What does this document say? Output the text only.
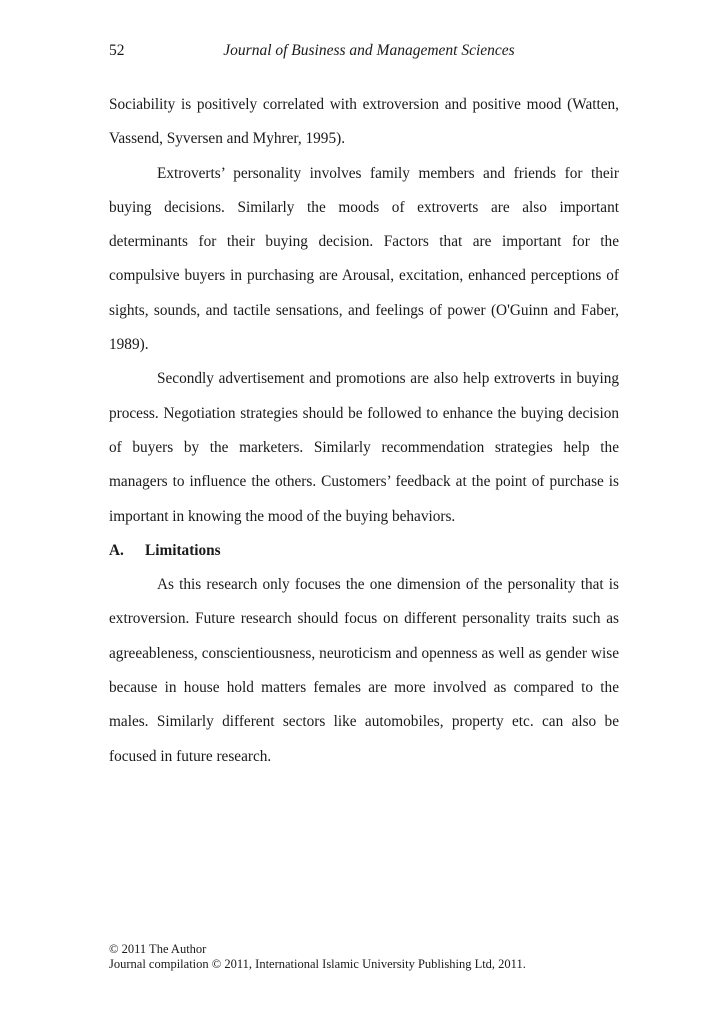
52	Journal of Business and Management Sciences

Sociability is positively correlated with extroversion and positive mood (Watten, Vassend, Syversen and Myhrer, 1995).

Extroverts’ personality involves family members and friends for their buying decisions. Similarly the moods of extroverts are also important determinants for their buying decision. Factors that are important for the compulsive buyers in purchasing are Arousal, excitation, enhanced perceptions of sights, sounds, and tactile sensations, and feelings of power (O'Guinn and Faber, 1989).

Secondly advertisement and promotions are also help extroverts in buying process. Negotiation strategies should be followed to enhance the buying decision of buyers by the marketers. Similarly recommendation strategies help the managers to influence the others. Customers’ feedback at the point of purchase is important in knowing the mood of the buying behaviors.

A.	Limitations

As this research only focuses the one dimension of the personality that is extroversion. Future research should focus on different personality traits such as agreeableness, conscientiousness, neuroticism and openness as well as gender wise because in house hold matters females are more involved as compared to the males. Similarly different sectors like automobiles, property etc. can also be focused in future research.

© 2011 The Author
Journal compilation © 2011, International Islamic University Publishing Ltd, 2011.
